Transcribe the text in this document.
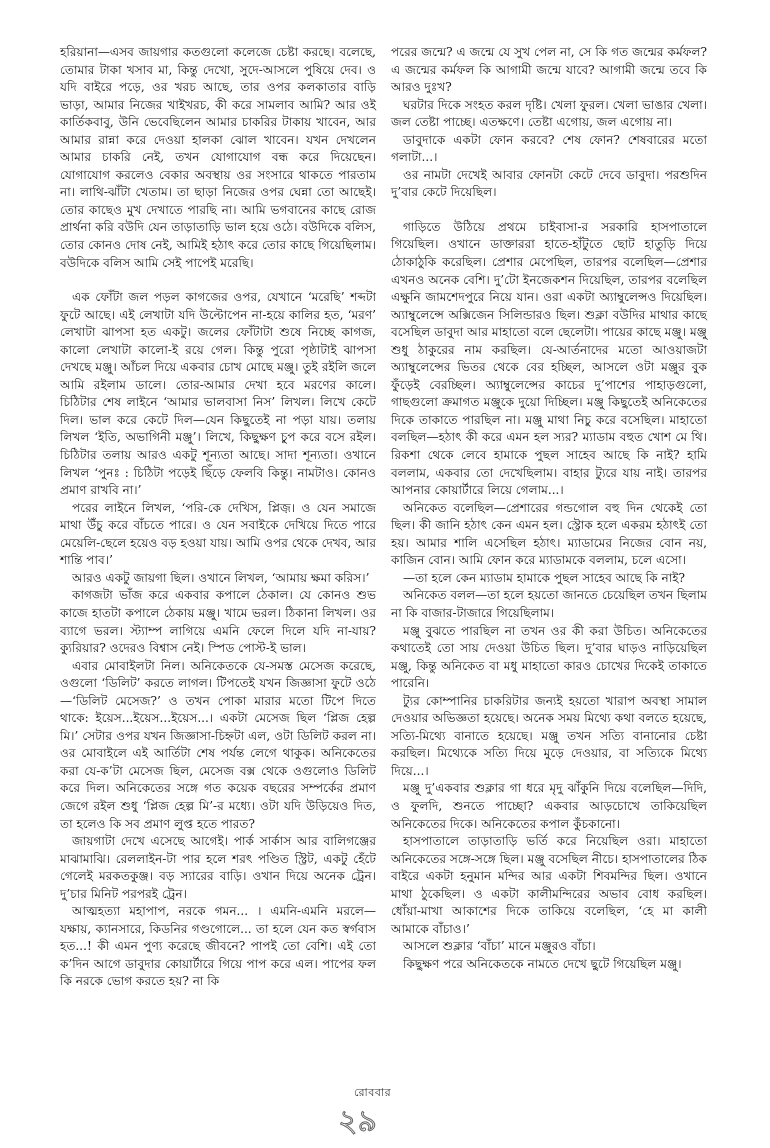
হরিয়ানা—এসব জায়গার কতগুলো কলেজে চেষ্টা করছে। বলেছে, তোমার টাকা খসাব মা, কিন্তু দেখো, সুদে-আসলে পুষিয়ে দেব। ও যদি বাইরে পড়ে, ওর খরচ আছে, তার ওপর কলকাতার বাড়ি ভাড়া, আমার নিজের খাইখরচ, কী করে সামলাব আমি? আর ওই কার্তিকবাবু, উনি ভেবেছিলেন আমার চাকরির টাকায় খাবেন, আর আমার রান্না করে দেওয়া হালকা ঝোল খাবেন। যখন দেখলেন আমার চাকরি নেই, তখন যোগাযোগ বন্ধ করে দিয়েছেন। যোগাযোগ করলেও বেকার অবস্থায় ওর সংসারে থাকতে পারতাম না। লাথি-ঝাঁটা খেতাম। তা ছাড়া নিজের ওপর ঘেন্না তো আছেই। তোর কাছেও মুখ দেখাতে পারছি না। আমি ভগবানের কাছে রোজ প্রার্থনা করি বউদি যেন তাড়াতাড়ি ভাল হয়ে ওঠে। বউদিকে বলিস, তোর কোনও দোষ নেই, আমিই হঠাৎ করে তোর কাছে গিয়েছিলাম। বউদিকে বলিস আমি সেই পাপেই মরেছি।

এক ফোঁটা জল পড়ল কাগজের ওপর, যেখানে ‘মরেছি’ শব্দটা ফুটে আছে। এই লেখাটা যদি উল্টোপেন না-হয়ে কালির হত, ‘মরণ’ লেখাটা ঝাপসা হত একটু। জলের ফোঁটাটা শুষে নিচ্ছে কাগজ, কালো লেখাটা কালো-ই রয়ে গেল। কিন্তু পুরো পৃষ্ঠাটাই ঝাপসা দেখছে মঞ্জু। আঁচল দিয়ে একবার চোখ মোছে মঞ্জু। তুই রইলি জলে আমি রইলাম ডালে। তোর-আমার দেখা হবে মরণের কালে। চিঠিটার শেষ লাইনে ‘আমার ভালবাসা নিস’ লিখল। লিখে কেটে দিল। ভাল করে কেটে দিল—যেন কিছুতেই না পড়া যায়। তলায় লিখল ‘ইতি, অভাগিনী মঞ্জু’। লিখে, কিছুক্ষণ চুপ করে বসে রইল। চিঠিটার তলায় আরও একটু শূন্যতা আছে। সাদা শূন্যতা। ওখানে লিখল ‘পুনঃ : চিঠিটা পড়েই ছিঁড়ে ফেলবি কিন্তু। নামটাও। কোনও প্রমাণ রাখবি না।’

পরের লাইনে লিখল, ‘পরি-কে দেখিস, প্লিজ়। ও যেন সমাজে মাথা উঁচু করে বাঁচতে পারে। ও যেন সবাইকে দেখিয়ে দিতে পারে মেয়েলি-ছেলে হয়েও বড় হওয়া যায়। আমি ওপর থেকে দেখব, আর শান্তি পাব।’

আরও একটু জায়গা ছিল। ওখানে লিখল, ‘আমায় ক্ষমা করিস।’

কাগজটা ভাঁজ করে একবার কপালে ঠেকাল। যে কোনও শুভ কাজে হাতটা কপালে ঠেকায় মঞ্জু। খামে ভরল। ঠিকানা লিখল। ওর ব্যাগে ভরল। স্ট্যাম্প লাগিয়ে এমনি ফেলে দিলে যদি না-যায়? ক্যুরিয়ার? ওদেরও বিশ্বাস নেই। স্পিড পোস্ট-ই ভাল।

এবার মোবাইলটা নিল। অনিকেতকে যে-সমস্ত মেসেজ করেছে, ওগুলো ‘ডিলিট’ করতে লাগল। টিপতেই যখন জিজ্ঞাসা ফুটে ওঠে—‘ডিলিট মেসেজ?’ ও তখন পোকা মারার মতো টিপে দিতে থাকে: ইয়েস...ইয়েস...ইয়েস...। একটা মেসেজ ছিল ‘প্লিজ হেল্প মি।’ সেটার ওপর যখন জিজ্ঞাসা-চিহ্নটা এল, ওটা ডিলিট করল না। ওর মোবাইলে এই আর্তিটা শেষ পর্যন্ত লেগে থাকুক। অনিকেতের করা যে-ক’টা মেসেজ ছিল, মেসেজ বক্স থেকে ওগুলোও ডিলিট করে দিল। অনিকেতের সঙ্গে গত কয়েক বছরের সম্পর্কের প্রমাণ জেগে রইল শুধু ‘প্লিজ হেল্প মি’-র মধ্যে। ওটা যদি উড়িয়েও দিত, তা হলেও কি সব প্রমাণ লুপ্ত হতে পারত?

জায়গাটা দেখে এসেছে আগেই। পার্ক সার্কাস আর বালিগঞ্জের মাঝামাঝি। রেললাইন-টা পার হলে শরৎ পণ্ডিত স্ট্রিট, একটু হেঁটে গেলেই মরকতকুঞ্জ। বড় স্যারের বাড়ি। ওখান দিয়ে অনেক ট্রেন। দু’চার মিনিট পরপরই ট্রেন।

আত্মহত্যা মহাপাপ, নরকে গমন... । এমনি-এমনি মরলে—যক্ষায়, ক্যানসারে, কিডনির গণ্ডগোলে... তা হলে যেন কত স্বর্গবাস হত...! কী এমন পুণ্য করেছে জীবনে? পাপই তো বেশি। এই তো ক’দিন আগে ডাবুদার কোয়ার্টারে গিয়ে পাপ করে এল। পাপের ফল কি নরকে ভোগ করতে হয়? না কি

পরের জন্মে? এ জন্মে যে সুখ পেল না, সে কি গত জন্মের কর্মফল? এ জন্মের কর্মফল কি আগামী জন্মে যাবে? আগামী জন্মে তবে কি আরও দুঃখ?

ঘরটার দিকে সংহত করল দৃষ্টি। খেলা ফুরল। খেলা ভাঙার খেলা। জল তেষ্টা পাচ্ছে। এতক্ষণে। তেষ্টা এগোয়, জল এগোয় না।

ডাবুদাকে একটা ফোন করবে? শেষ ফোন? শেষবারের মতো গলাটা...।

ওর নামটা দেখেই আবার ফোনটা কেটে দেবে ডাবুদা। পরশুদিন দু’বার কেটে দিয়েছিল।

গাড়িতে উঠিয়ে প্রথমে চাইবাসা-র সরকারি হাসপাতালে গিয়েছিল। ওখানে ডাক্তাররা হাতে-হাঁটুতে ছোট হাতুড়ি দিয়ে ঠোকাঠুকি করেছিল। প্রেশার মেপেছিল, তারপর বলেছিল—প্রেশার এখনও অনেক বেশি। দু’টো ইনজেকশন দিয়েছিল, তারপর বলেছিল এক্ষুনি জামশেদপুরে নিয়ে যান। ওরা একটা অ্যাম্বুলেন্সও দিয়েছিল। অ্যাম্বুলেন্সে অক্সিজেন সিলিন্ডারও ছিল। শুক্লা বউদির মাথার কাছে বসেছিল ডাবুদা আর মাহাতো বলে ছেলেটা। পায়ের কাছে মঞ্জু। মঞ্জু শুধু ঠাকুরের নাম করছিল। যে-আর্তনাদের মতো আওয়াজটা অ্যাম্বুলেন্সের ভিতর থেকে বের হচ্ছিল, আসলে ওটা মঞ্জুর বুক ফুঁড়েই বেরচ্ছিল। অ্যাম্বুলেন্সের কাচের দু’পাশের পাহাড়গুলো, গাছগুলো ক্রমাগত মঞ্জুকে দুয়ো দিচ্ছিল। মঞ্জু কিছুতেই অনিকেতের দিকে তাকাতে পারছিল না। মঞ্জু মাথা নিচু করে বসেছিল। মাহাতো বলছিল—হঠাৎ কী করে এমন হল স্যর? ম্যাডাম বহুত খোশ মে থি। রিকশা থেকে লেবে হামাকে পুছল সাহেব আছে কি নাই? হামি বললাম, একবার তো দেখেছিলাম। বাহার ট্যুরে যায় নাই। তারপর আপনার কোয়ার্টারে লিয়ে গেলাম...।

অনিকেত বলেছিল—প্রেশারের গন্ডগোল বহু দিন থেকেই তো ছিল। কী জানি হঠাৎ কেন এমন হল। স্ট্রোক হলে একরম হঠাৎই তো হয়। আমার শালি এসেছিল হঠাৎ। ম্যাডামের নিজের বোন নয়, কাজিন বোন। আমি ফোন করে ম্যাডামকে বললাম, চলে এসো।

—তা হলে কেন ম্যাডাম হামাকে পুছল সাহেব আছে কি নাই?

অনিকেত বলল—তা হলে হয়তো জানতে চেয়েছিল তখন ছিলাম না কি বাজার-টাজারে গিয়েছিলাম।

মঞ্জু বুঝতে পারছিল না তখন ওর কী করা উচিত। অনিকেতের কথাতেই তো সায় দেওয়া উচিত ছিল। দু’বার ঘাড়ও নাড়িয়েছিল মঞ্জু, কিন্তু অনিকেত বা মধু মাহাতো কারও চোখের দিকেই তাকাতে পারেনি।

ট্যুর কোম্পানির চাকরিটার জন্যই হয়তো খারাপ অবস্থা সামাল দেওয়ার অভিজ্ঞতা হয়েছে। অনেক সময় মিথ্যে কথা বলতে হয়েছে, সত্যি-মিথ্যে বানাতে হয়েছে। মঞ্জু তখন সত্যি বানানোর চেষ্টা করছিল। মিথ্যেকে সত্যি দিয়ে মুড়ে দেওয়ার, বা সত্যিকে মিথ্যে দিয়ে...।

মঞ্জু দু’একবার শুক্লার গা ধরে মৃদু ঝাঁকুনি দিয়ে বলেছিল—দিদি, ও ফুলদি, শুনতে পাচ্ছো? একবার আড়চোখে তাকিয়েছিল অনিকেতের দিকে। অনিকেতের কপাল কুঁচকানো।

হাসপাতালে তাড়াতাড়ি ভর্তি করে নিয়েছিল ওরা। মাহাতো অনিকেতের সঙ্গে-সঙ্গে ছিল। মঞ্জু বসেছিল নীচে। হাসপাতালের ঠিক বাইরে একটা হনুমান মন্দির আর একটা শিবমন্দির ছিল। ওখানে মাথা ঠুকেছিল। ও একটা কালীমন্দিরের অভাব বোধ করছিল। ধোঁয়া-মাখা আকাশের দিকে তাকিয়ে বলেছিল, ‘হে মা কালী আমাকে বাঁচাও।’

আসলে শুক্লার ‘বাঁচা’ মানে মঞ্জুরও বাঁচা।

কিছুক্ষণ পরে অনিকেতকে নামতে দেখে ছুটে গিয়েছিল মঞ্জু।

রোববার
২৯
